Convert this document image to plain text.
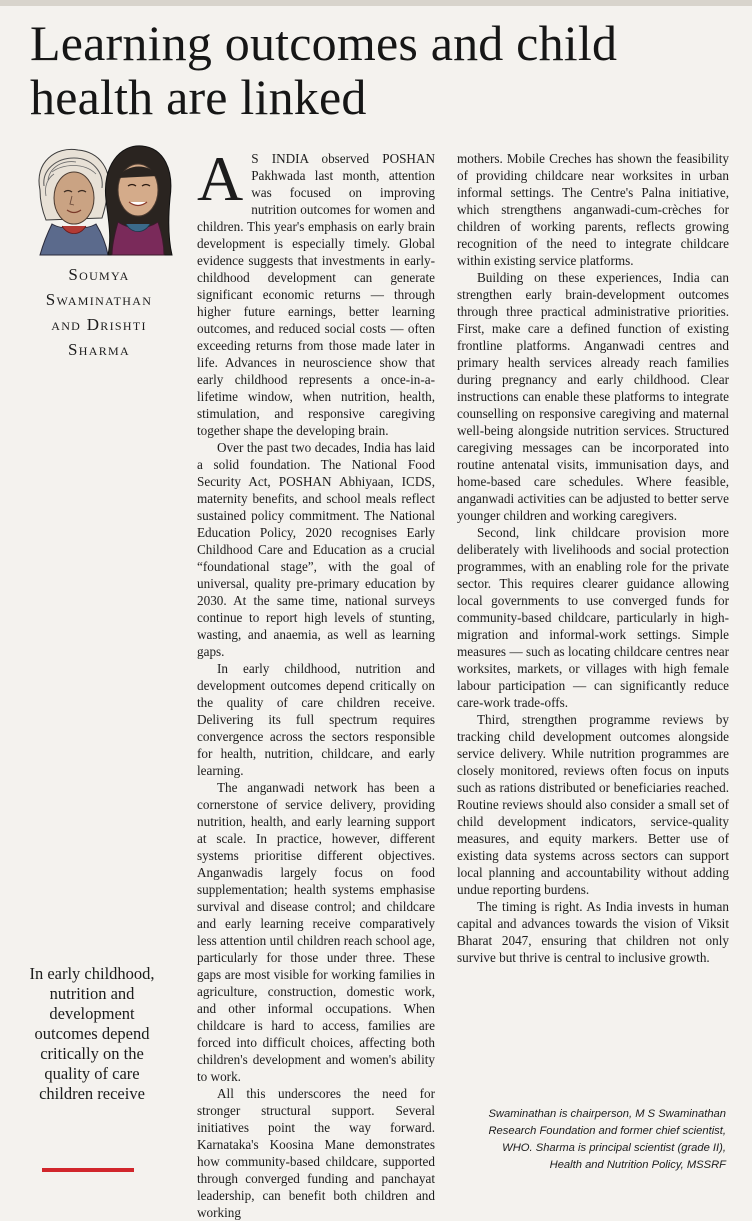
Learning outcomes and child health are linked
Soumya
Swaminathan
and Drishti
Sharma
In early childhood, nutrition and development outcomes depend critically on the quality of care children receive

A S INDIA observed POSHAN Pakhwada last month, attention was focused on improving nutrition outcomes for women and children. This year's emphasis on early brain development is especially timely. Global evidence suggests that investments in early-childhood development can generate significant economic returns — through higher future earnings, better learning outcomes, and reduced social costs — often exceeding returns from those made later in life. Advances in neuroscience show that early childhood represents a once-in-a-lifetime window, when nutrition, health, stimulation, and responsive caregiving together shape the developing brain.

Over the past two decades, India has laid a solid foundation. The National Food Security Act, POSHAN Abhiyaan, ICDS, maternity benefits, and school meals reflect sustained policy commitment. The National Education Policy, 2020 recognises Early Childhood Care and Education as a crucial “foundational stage”, with the goal of universal, quality pre-primary education by 2030. At the same time, national surveys continue to report high levels of stunting, wasting, and anaemia, as well as learning gaps.

In early childhood, nutrition and development outcomes depend critically on the quality of care children receive. Delivering its full spectrum requires convergence across the sectors responsible for health, nutrition, childcare, and early learning.

The anganwadi network has been a cornerstone of service delivery, providing nutrition, health, and early learning support at scale. In practice, however, different systems prioritise different objectives. Anganwadis largely focus on food supplementation; health systems emphasise survival and disease control; and childcare and early learning receive comparatively less attention until children reach school age, particularly for those under three. These gaps are most visible for working families in agriculture, construction, domestic work, and other informal occupations. When childcare is hard to access, families are forced into difficult choices, affecting both children's development and women's ability to work.

All this underscores the need for stronger structural support. Several initiatives point the way forward. Karnataka's Koosina Mane demonstrates how community-based childcare, supported through converged funding and panchayat leadership, can benefit both children and working

mothers. Mobile Creches has shown the feasibility of providing childcare near worksites in urban informal settings. The Centre's Palna initiative, which strengthens anganwadi-cum-crèches for children of working parents, reflects growing recognition of the need to integrate childcare within existing service platforms.

Building on these experiences, India can strengthen early brain-development outcomes through three practical administrative priorities. First, make care a defined function of existing frontline platforms. Anganwadi centres and primary health services already reach families during pregnancy and early childhood. Clear instructions can enable these platforms to integrate counselling on responsive caregiving and maternal well-being alongside nutrition services. Structured caregiving messages can be incorporated into routine antenatal visits, immunisation days, and home-based care schedules. Where feasible, anganwadi activities can be adjusted to better serve younger children and working caregivers.

Second, link childcare provision more deliberately with livelihoods and social protection programmes, with an enabling role for the private sector. This requires clearer guidance allowing local governments to use converged funds for community-based childcare, particularly in high-migration and informal-work settings. Simple measures — such as locating childcare centres near worksites, markets, or villages with high female labour participation — can significantly reduce care-work trade-offs.

Third, strengthen programme reviews by tracking child development outcomes alongside service delivery. While nutrition programmes are closely monitored, reviews often focus on inputs such as rations distributed or beneficiaries reached. Routine reviews should also consider a small set of child development indicators, service-quality measures, and equity markers. Better use of existing data systems across sectors can support local planning and accountability without adding undue reporting burdens.

The timing is right. As India invests in human capital and advances towards the vision of Viksit Bharat 2047, ensuring that children not only survive but thrive is central to inclusive growth.

Swaminathan is chairperson, M S Swaminathan
Research Foundation and former chief scientist,
WHO. Sharma is principal scientist (grade II),
Health and Nutrition Policy, MSSRF
